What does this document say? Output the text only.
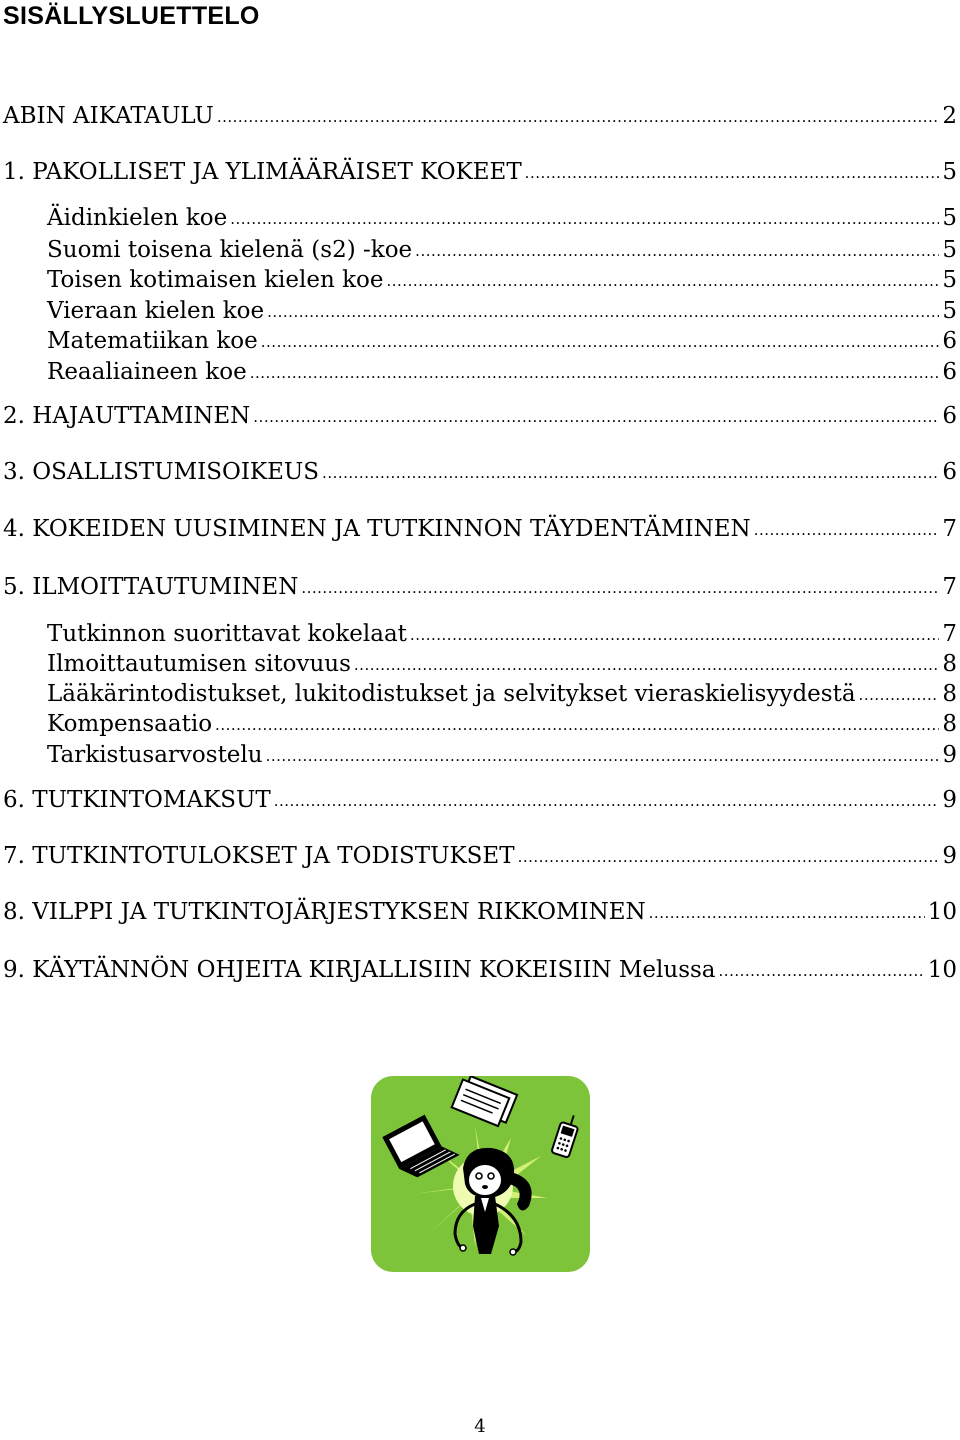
SISÄLLYSLUETTELO
ABIN AIKATAULU .....	2
1. PAKOLLISET JA YLIMÄÄRÄISET KOKEET .....	5
Äidinkielen koe .....	5
Suomi toisena kielenä (s2) -koe .....	5
Toisen kotimaisen kielen koe .....	5
Vieraan kielen koe .....	5
Matematiikan koe .....	6
Reaaliaineen koe .....	6
2. HAJAUTTAMINEN .....	6
3. OSALLISTUMISOIKEUS .....	6
4. KOKEIDEN UUSIMINEN JA TUTKINNON TÄYDENTÄMINEN .....	7
5. ILMOITTAUTUMINEN .....	7
Tutkinnon suorittavat kokelaat .....	7
Ilmoittautumisen sitovuus .....	8
Lääkärintodistukset, lukitodistukset ja selvitykset vieraskielisyydestä .....	8
Kompensaatio .....	8
Tarkistusarvostelu .....	9
6. TUTKINTOMAKSUT .....	9
7. TUTKINTOTULOKSET JA TODISTUKSET .....	9
8. VILPPI JA TUTKINTOJÄRJESTYKSEN RIKKOMINEN .....	10
9. KÄYTÄNNÖN OHJEITA KIRJALLISIIN KOKEISIIN Melussa .....	10
4
